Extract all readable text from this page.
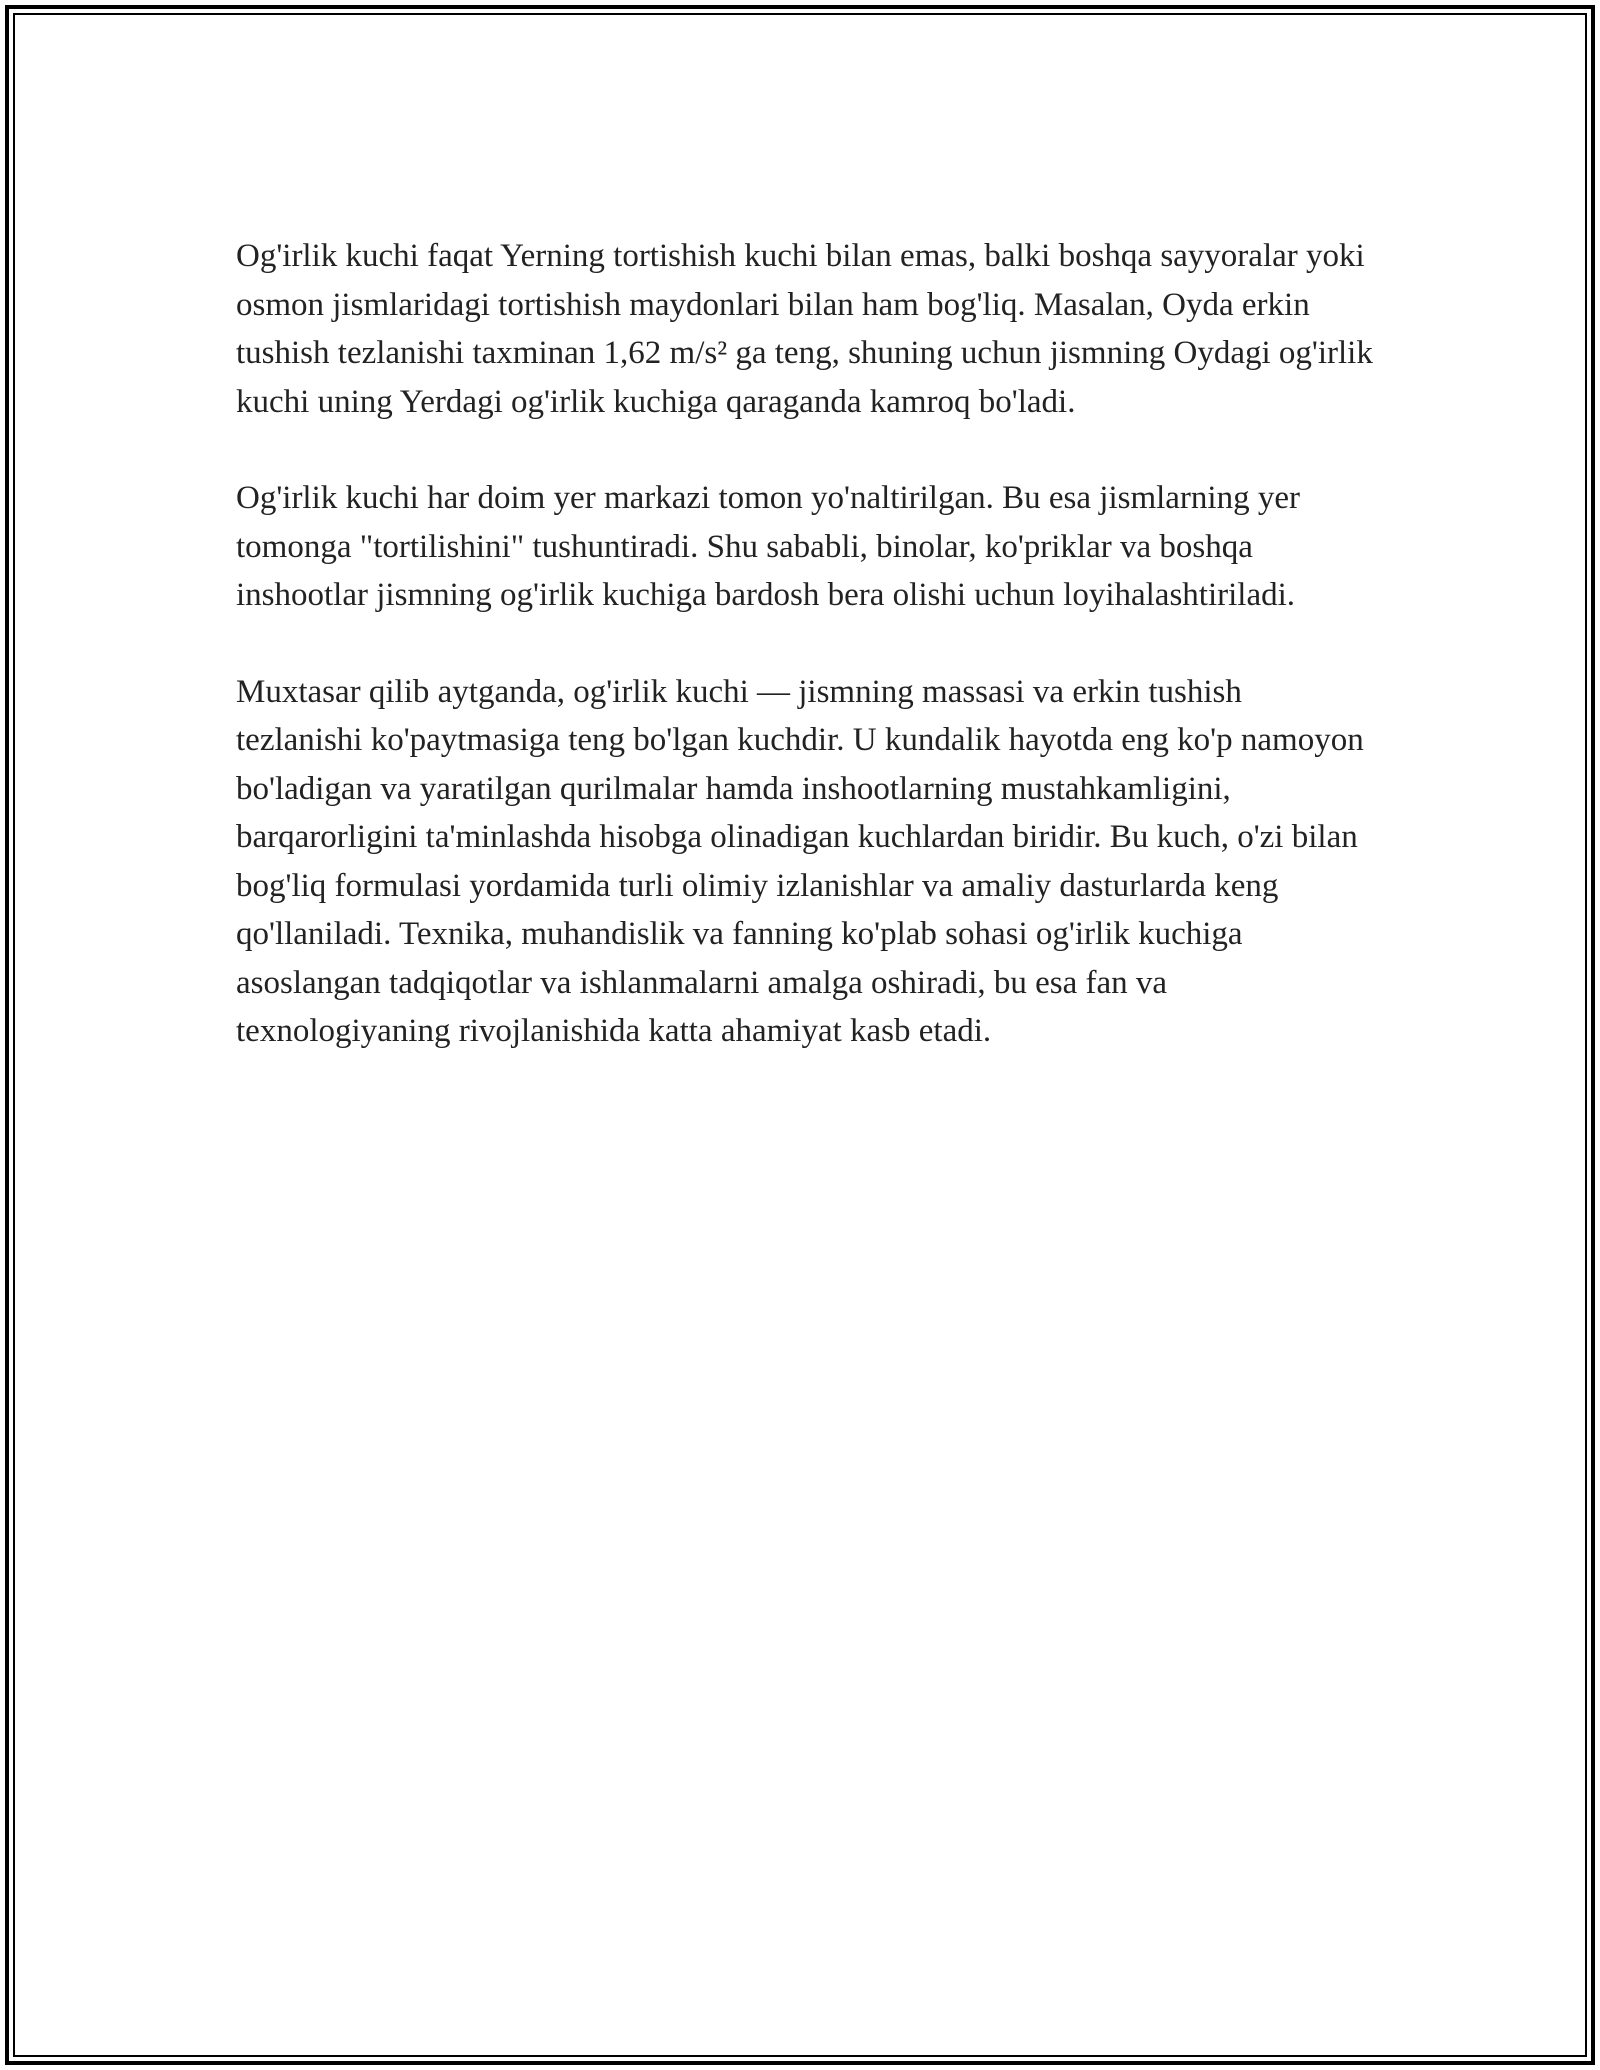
Og'irlik kuchi faqat Yerning tortishish kuchi bilan emas, balki boshqa sayyoralar yoki osmon jismlaridagi tortishish maydonlari bilan ham bog'liq. Masalan, Oyda erkin tushish tezlanishi taxminan 1,62 m/s² ga teng, shuning uchun jismning Oydagi og'irlik kuchi uning Yerdagi og'irlik kuchiga qaraganda kamroq bo'ladi.

Og'irlik kuchi har doim yer markazi tomon yo'naltirilgan. Bu esa jismlarning yer tomonga "tortilishini" tushuntiradi. Shu sababli, binolar, ko'priklar va boshqa inshootlar jismning og'irlik kuchiga bardosh bera olishi uchun loyihalashtiriladi.

Muxtasar qilib aytganda, og'irlik kuchi — jismning massasi va erkin tushish tezlanishi ko'paytmasiga teng bo'lgan kuchdir. U kundalik hayotda eng ko'p namoyon bo'ladigan va yaratilgan qurilmalar hamda inshootlarning mustahkamligini, barqarorligini ta'minlashda hisobga olinadigan kuchlardan biridir. Bu kuch, o'zi bilan bog'liq formulasi yordamida turli olimiy izlanishlar va amaliy dasturlarda keng qo'llaniladi. Texnika, muhandislik va fanning ko'plab sohasi og'irlik kuchiga asoslangan tadqiqotlar va ishlanmalarni amalga oshiradi, bu esa fan va texnologiyaning rivojlanishida katta ahamiyat kasb etadi.
